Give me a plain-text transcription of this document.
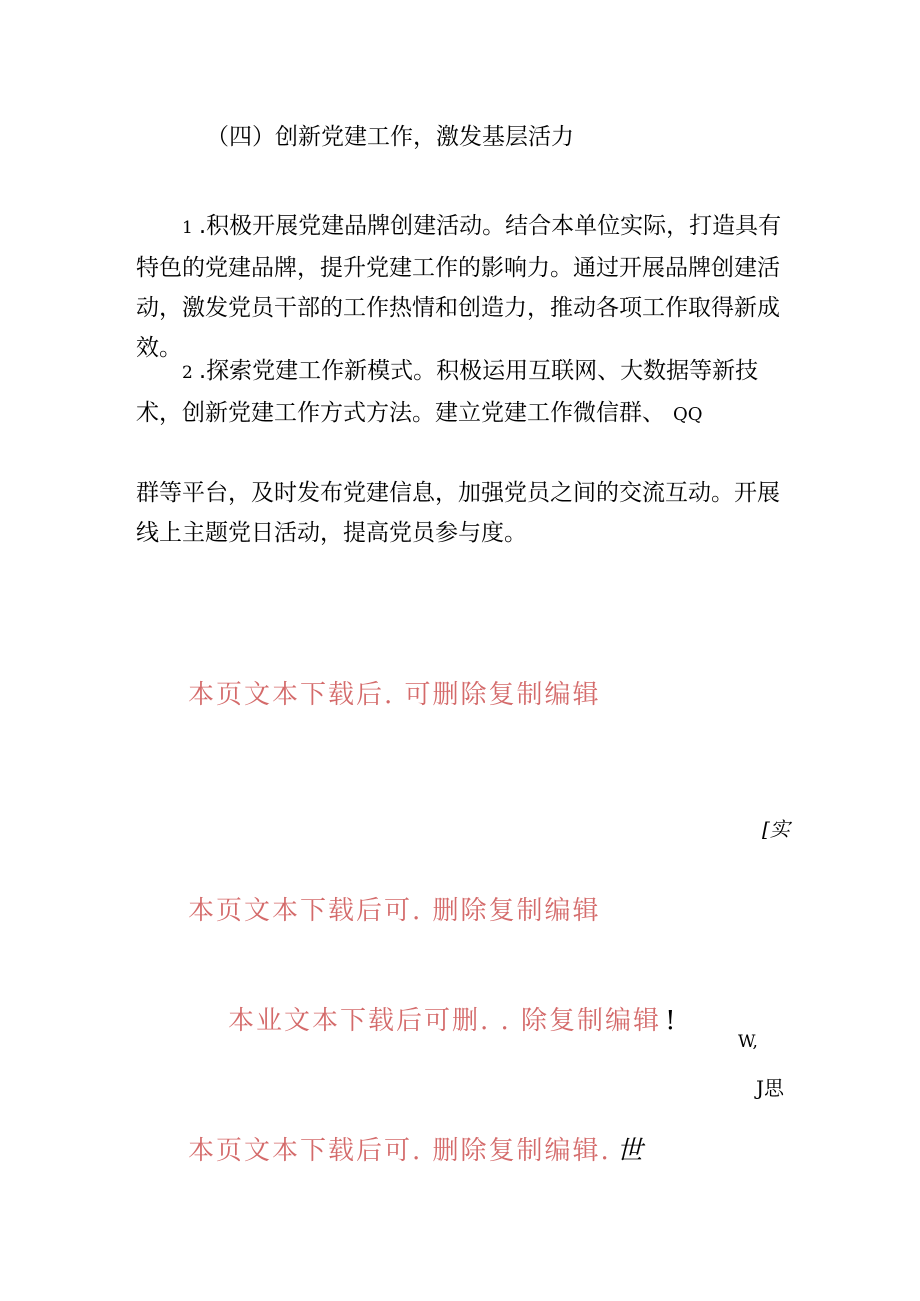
（四）创新党建工作，激发基层活力
1 .积极开展党建品牌创建活动。结合本单位实际，打造具有特色的党建品牌，提升党建工作的影响力。通过开展品牌创建活动，激发党员干部的工作热情和创造力，推动各项工作取得新成效。
2 .探索党建工作新模式。积极运用互联网、大数据等新技术，创新党建工作方式方法。建立党建工作微信群、 QQ
群等平台，及时发布党建信息，加强党员之间的交流互动。开展线上主题党日活动，提高党员参与度。
本页文本下载后. 可删除复制编辑
[实
本页文本下载后可. 删除复制编辑
本业文本下载后可删. . 除复制编辑 !
W,
J思
本页文本下载后可. 删除复制编辑. 世
